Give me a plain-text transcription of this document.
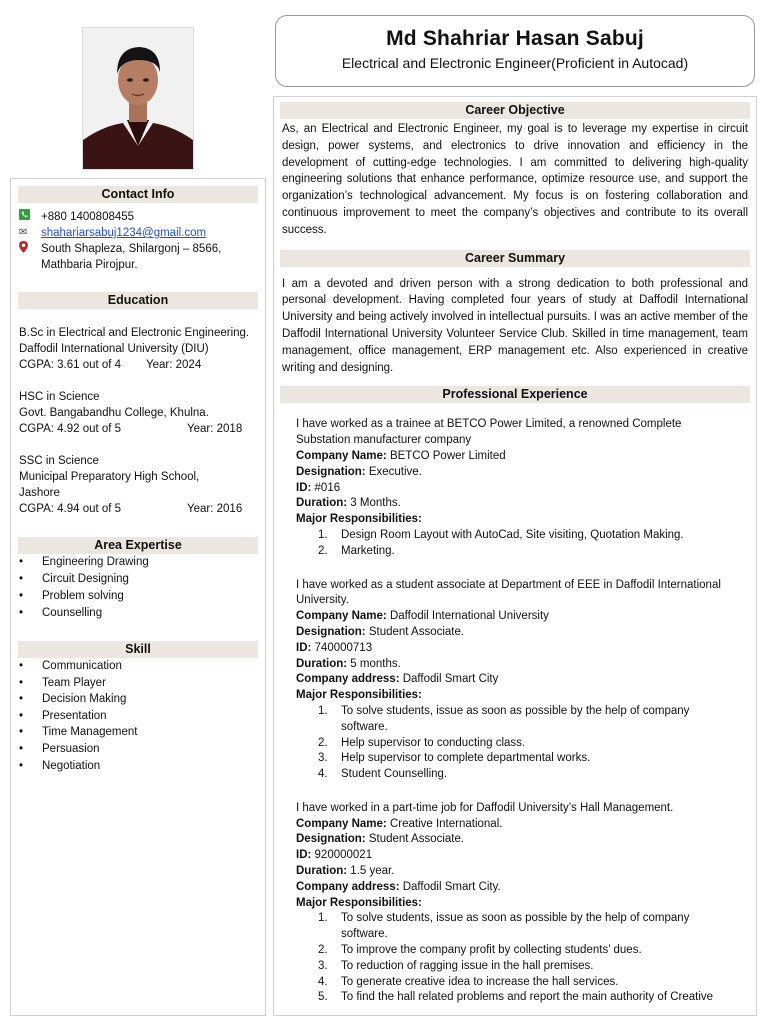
Md Shahriar Hasan Sabuj
Electrical and Electronic Engineer(Proficient in Autocad)
Contact Info
+880 1400808455
✉	shahariarsabuj1234@gmail.com
South Shapleza, Shilargonj – 8566,
Mathbaria Pirojpur.
Education
B.Sc in Electrical and Electronic Engineering.
Daffodil International University (DIU)
CGPA: 3.61 out of 4	Year: 2024
HSC in Science
Govt. Bangabandhu College, Khulna.
CGPA: 4.92 out of 5	Year: 2018
SSC in Science
Municipal Preparatory High School,
Jashore
CGPA: 4.94 out of 5	Year: 2016
Area Expertise
•	Engineering Drawing
•	Circuit Designing
•	Problem solving
•	Counselling
Skill
•	Communication
•	Team Player
•	Decision Making
•	Presentation
•	Time Management
•	Persuasion
•	Negotiation
Career Objective
As, an Electrical and Electronic Engineer, my goal is to leverage my expertise in circuit design, power systems, and electronics to drive innovation and efficiency in the development of cutting-edge technologies. I am committed to delivering high-quality engineering solutions that enhance performance, optimize resource use, and support the organization’s technological advancement. My focus is on fostering collaboration and continuous improvement to meet the company’s objectives and contribute to its overall success.
Career Summary
I am a devoted and driven person with a strong dedication to both professional and personal development. Having completed four years of study at Daffodil International University and being actively involved in intellectual pursuits. I was an active member of the Daffodil International University Volunteer Service Club. Skilled in time management, team management, office management, ERP management etc. Also experienced in creative writing and designing.
Professional Experience
I have worked as a trainee at BETCO Power Limited, a renowned Complete Substation manufacturer company
Company Name: BETCO Power Limited
Designation: Executive.
ID: #016
Duration: 3 Months.
Major Responsibilities:
1.	Design Room Layout with AutoCad, Site visiting, Quotation Making.
2.	Marketing.
I have worked as a student associate at Department of EEE in Daffodil International University.
Company Name: Daffodil International University
Designation: Student Associate.
ID: 740000713
Duration: 5 months.
Company address: Daffodil Smart City
Major Responsibilities:
1.	To solve students, issue as soon as possible by the help of company software.
2.	Help supervisor to conducting class.
3.	Help supervisor to complete departmental works.
4.	Student Counselling.
I have worked in a part-time job for Daffodil University’s Hall Management.
Company Name: Creative International.
Designation: Student Associate.
ID: 920000021
Duration: 1.5 year.
Company address: Daffodil Smart City.
Major Responsibilities:
1.	To solve students, issue as soon as possible by the help of company software.
2.	To improve the company profit by collecting students’ dues.
3.	To reduction of ragging issue in the hall premises.
4.	To generate creative idea to increase the hall services.
5.	To find the hall related problems and report the main authority of Creative
